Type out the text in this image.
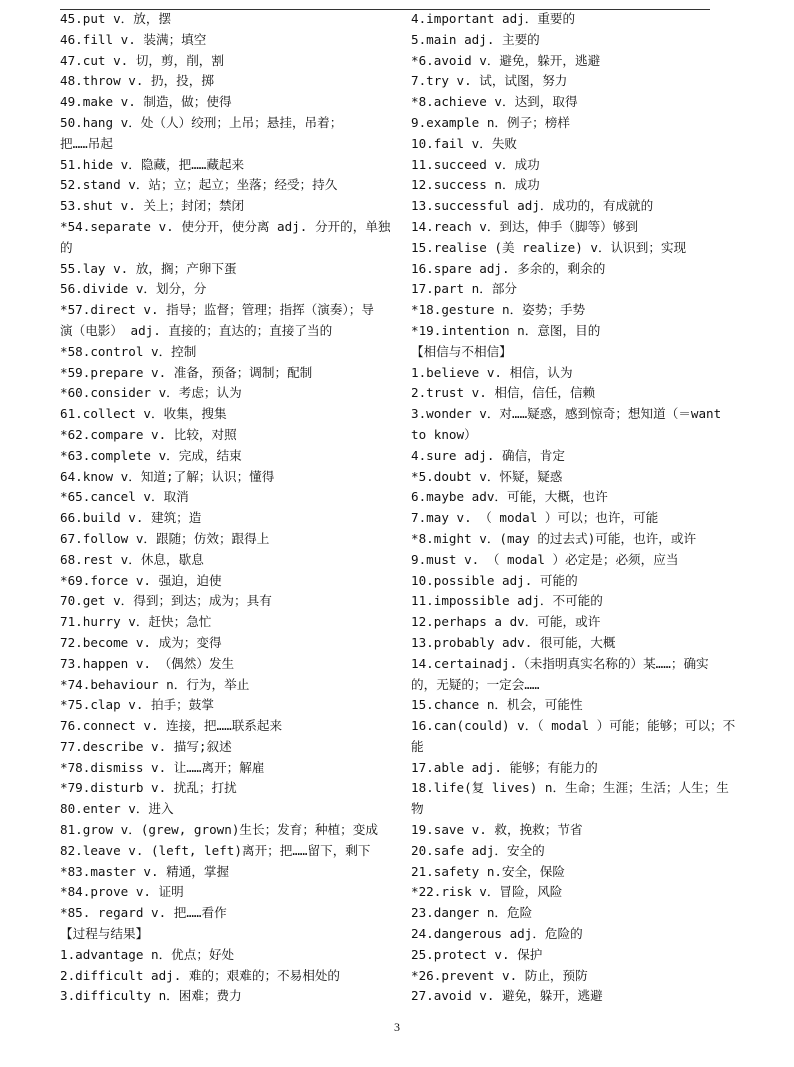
45.put v．放，摆
46.fill v. 装满；填空
47.cut v. 切，剪，削，割
48.throw v. 扔，投，掷
49.make v. 制造，做；使得
50.hang v．处（人）绞刑；上吊；悬挂，吊着；
把……吊起
51.hide v．隐藏，把……藏起来
52.stand v．站；立；起立；坐落；经受；持久
53.shut v. 关上；封闭；禁闭
*54.separate v. 使分开，使分离 adj. 分开的，单独
的
55.lay v. 放，搁；产卵下蛋
56.divide v．划分，分
*57.direct v. 指导；监督；管理；指挥（演奏）；导
演（电影） adj. 直接的；直达的；直接了当的
*58.control v．控制
*59.prepare v. 准备，预备；调制；配制
*60.consider v．考虑；认为
61.collect v．收集，搜集
*62.compare v. 比较，对照
*63.complete v．完成，结束
64.know v．知道;了解；认识；懂得
*65.cancel v．取消
66.build v. 建筑；造
67.follow v．跟随；仿效；跟得上
68.rest v．休息，歇息
*69.force v. 强迫，迫使
70.get v．得到；到达；成为；具有
71.hurry v．赶快；急忙
72.become v. 成为；变得
73.happen v. （偶然）发生
*74.behaviour n．行为，举止
*75.clap v. 拍手；鼓掌
76.connect v. 连接，把……联系起来
77.describe v. 描写;叙述
*78.dismiss v. 让……离开；解雇
*79.disturb v. 扰乱；打扰
80.enter v．进入
81.grow v．(grew, grown)生长；发育；种植；变成
82.leave v. (left, left)离开；把……留下，剩下
*83.master v. 精通，掌握
*84.prove v. 证明
*85. regard v. 把……看作
【过程与结果】
1.advantage n．优点；好处
2.difficult adj. 难的；艰难的；不易相处的
3.difficulty n．困难；费力
4.important adj．重要的
5.main adj. 主要的
*6.avoid v．避免，躲开，逃避
7.try v. 试，试图，努力
*8.achieve v．达到，取得
9.example n．例子；榜样
10.fail v．失败
11.succeed v．成功
12.success n．成功
13.successful adj．成功的，有成就的
14.reach v．到达，伸手（脚等）够到
15.realise (美 realize) v．认识到；实现
16.spare adj. 多余的，剩余的
17.part n．部分
*18.gesture n．姿势；手势
*19.intention n．意图，目的
【相信与不相信】
1.believe v. 相信，认为
2.trust v. 相信，信任，信赖
3.wonder v．对……疑惑，感到惊奇；想知道（＝want
to know）
4.sure adj. 确信，肯定
*5.doubt v．怀疑，疑惑
6.maybe adv．可能，大概，也许
7.may v. （ modal ）可以；也许，可能
*8.might v．(may 的过去式)可能，也许，或许
9.must v. （ modal ）必定是；必须，应当
10.possible adj. 可能的
11.impossible adj．不可能的
12.perhaps a dv．可能，或许
13.probably adv. 很可能，大概
14.certainadj.（未指明真实名称的）某……；确实
的，无疑的；一定会……
15.chance n．机会，可能性
16.can(could) v．（ modal ）可能；能够；可以；不
能
17.able adj. 能够；有能力的
18.life(复 lives) n．生命；生涯；生活；人生；生
物
19.save v. 救，挽救；节省
20.safe adj．安全的
21.safety n.安全，保险
*22.risk v．冒险，风险
23.danger n．危险
24.dangerous adj．危险的
25.protect v. 保护
*26.prevent v. 防止，预防
27.avoid v. 避免，躲开，逃避
3
